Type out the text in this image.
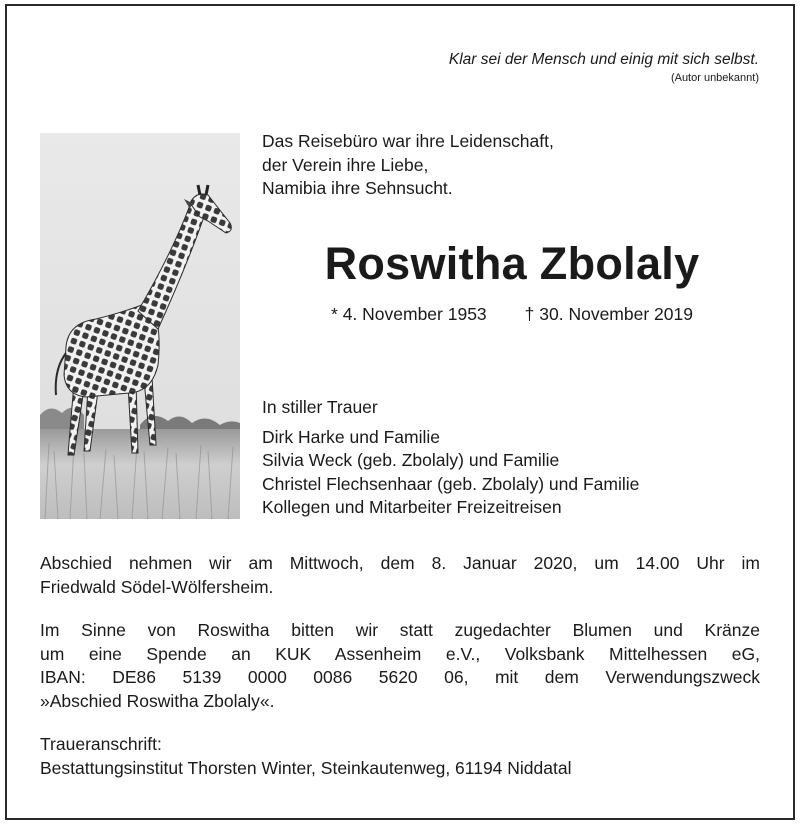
Klar sei der Mensch und einig mit sich selbst.
(Autor unbekannt)
Das Reisebüro war ihre Leidenschaft,
der Verein ihre Liebe,
Namibia ihre Sehnsucht.
Roswitha Zbolaly
* 4. November 1953 † 30. November 2019
In stiller Trauer
Dirk Harke und Familie
Silvia Weck (geb. Zbolaly) und Familie
Christel Flechsenhaar (geb. Zbolaly) und Familie
Kollegen und Mitarbeiter Freizeitreisen
Abschied nehmen wir am Mittwoch, dem 8. Januar 2020, um 14.00 Uhr im
Friedwald Södel-Wölfersheim.
Im Sinne von Roswitha bitten wir statt zugedachter Blumen und Kränze
um eine Spende an KUK Assenheim e.V., Volksbank Mittelhessen eG,
IBAN: DE86 5139 0000 0086 5620 06, mit dem Verwendungszweck
»Abschied Roswitha Zbolaly«.
Traueranschrift:
Bestattungsinstitut Thorsten Winter, Steinkautenweg, 61194 Niddatal
